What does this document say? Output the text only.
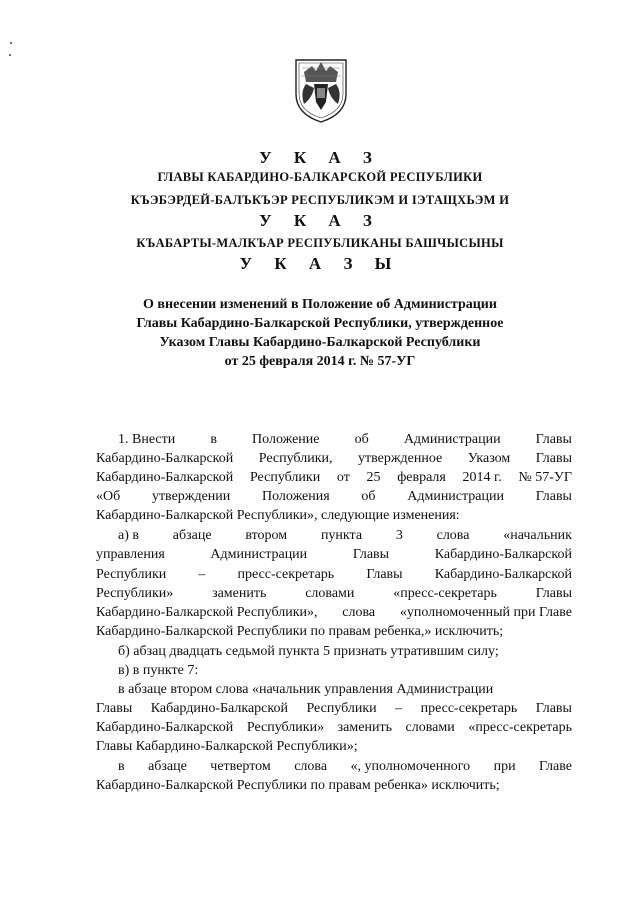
У К А З
ГЛАВЫ КАБАРДИНО-БАЛКАРСКОЙ РЕСПУБЛИКИ
КЪЭБЭРДЕЙ-БАЛЪКЪЭР РЕСПУБЛИКЭМ И ІЭТАЩХЬЭМ И
У К А З
КЪАБАРТЫ-МАЛКЪАР РЕСПУБЛИКАНЫ БАШЧЫСЫНЫ
У К А З Ы
О внесении изменений в Положение об Администрации
Главы Кабардино-Балкарской Республики, утвержденное
Указом Главы Кабардино-Балкарской Республики
от 25 февраля 2014 г. № 57-УГ
1. Внести	в	Положение	об	Администрации	Главы
Кабардино-Балкарской Республики, утвержденное Указом Главы
Кабардино-Балкарской Республики от 25 февраля 2014 г. № 57-УГ
«Об утверждении Положения об Администрации Главы
Кабардино-Балкарской Республики», следующие изменения:
а) в абзаце втором пункта 3 слова «начальник
управления	Администрации	Главы	Кабардино-Балкарской
Республики – пресс-секретарь Главы Кабардино-Балкарской
Республики»	заменить	словами	«пресс-секретарь	Главы
Кабардино-Балкарской Республики», слова «уполномоченный при Главе
Кабардино-Балкарской Республики по правам ребенка,» исключить;
б) абзац двадцать седьмой пункта 5 признать утратившим силу;
в) в пункте 7:
в абзаце втором слова «начальник управления Администрации
Главы Кабардино-Балкарской Республики – пресс-секретарь Главы
Кабардино-Балкарской Республики» заменить словами «пресс-секретарь
Главы Кабардино-Балкарской Республики»;
в абзаце четвертом слова «, уполномоченного при Главе
Кабардино-Балкарской Республики по правам ребенка» исключить;
